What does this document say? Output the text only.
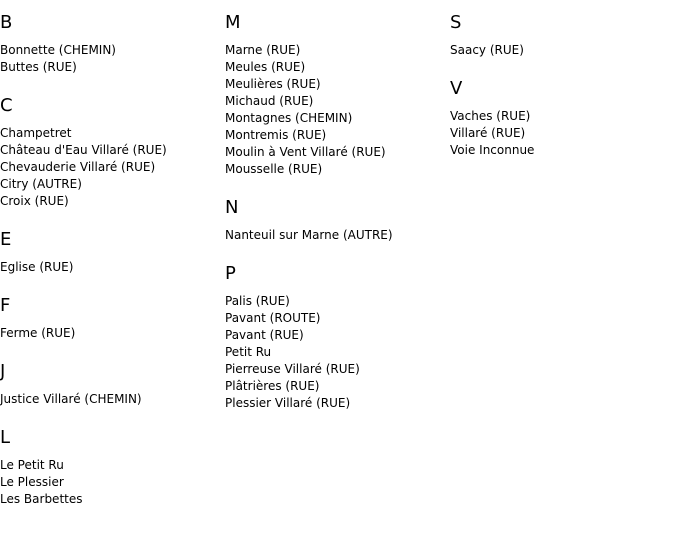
B
Bonnette (CHEMIN)
Buttes (RUE)
C
Champetret
Château d'Eau Villaré (RUE)
Chevauderie Villaré (RUE)
Citry (AUTRE)
Croix (RUE)
E
Eglise (RUE)
F
Ferme (RUE)
J
Justice Villaré (CHEMIN)
L
Le Petit Ru
Le Plessier
Les Barbettes
M
Marne (RUE)
Meules (RUE)
Meulières (RUE)
Michaud (RUE)
Montagnes (CHEMIN)
Montremis (RUE)
Moulin à Vent Villaré (RUE)
Mousselle (RUE)
N
Nanteuil sur Marne (AUTRE)
P
Palis (RUE)
Pavant (ROUTE)
Pavant (RUE)
Petit Ru
Pierreuse Villaré (RUE)
Plâtrières (RUE)
Plessier Villaré (RUE)
S
Saacy (RUE)
V
Vaches (RUE)
Villaré (RUE)
Voie Inconnue
